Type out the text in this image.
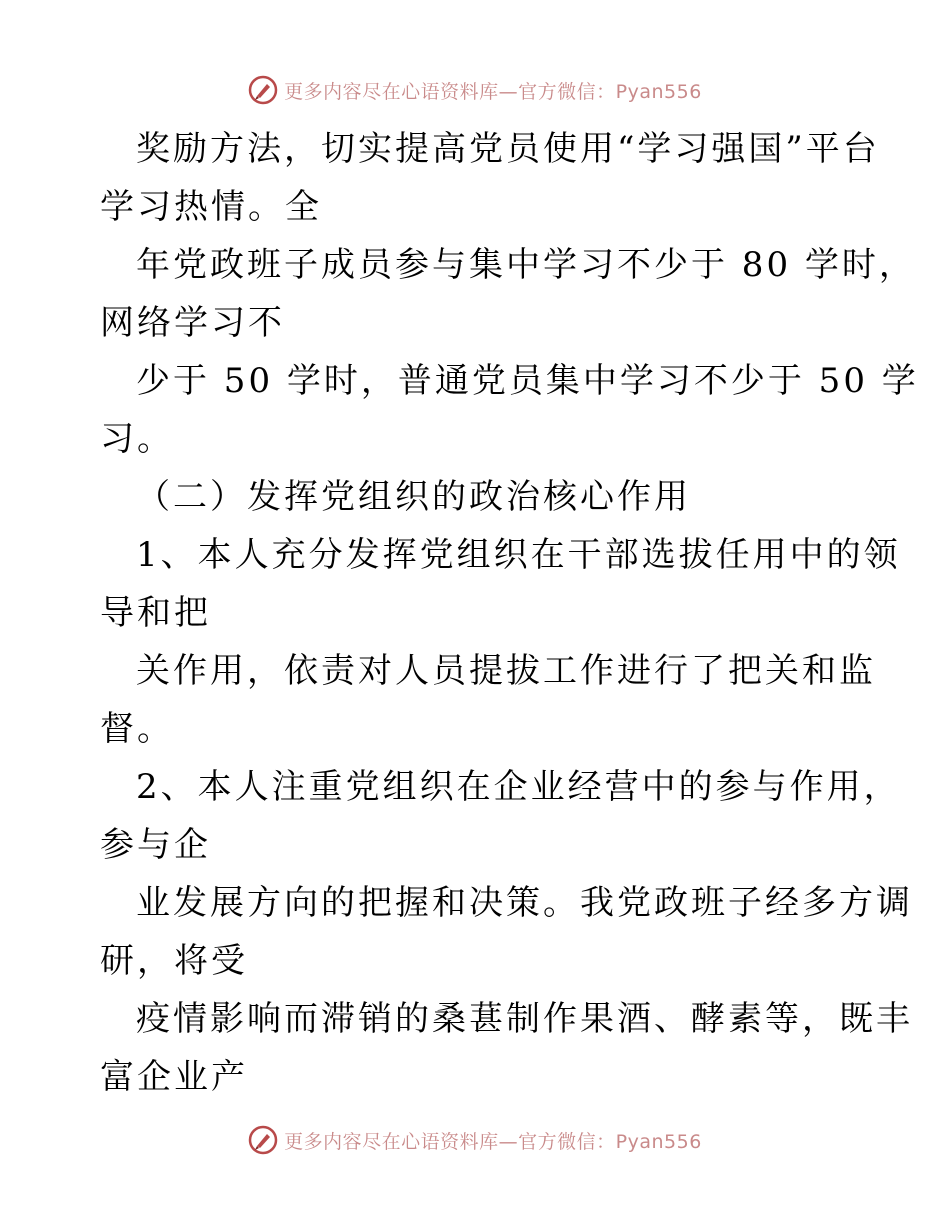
更多内容尽在心语资料库—官方微信：Pyan556
奖励方法，切实提高党员使用“学习强国”平台
学习热情。全
年党政班子成员参与集中学习不少于 80 学时，
网络学习不
少于 50 学时，普通党员集中学习不少于 50 学
习。
（二）发挥党组织的政治核心作用
1、本人充分发挥党组织在干部选拔任用中的领
导和把
关作用，依责对人员提拔工作进行了把关和监
督。
2、本人注重党组织在企业经营中的参与作用，
参与企
业发展方向的把握和决策。我党政班子经多方调
研，将受
疫情影响而滞销的桑葚制作果酒、酵素等，既丰
富企业产
更多内容尽在心语资料库—官方微信：Pyan556
